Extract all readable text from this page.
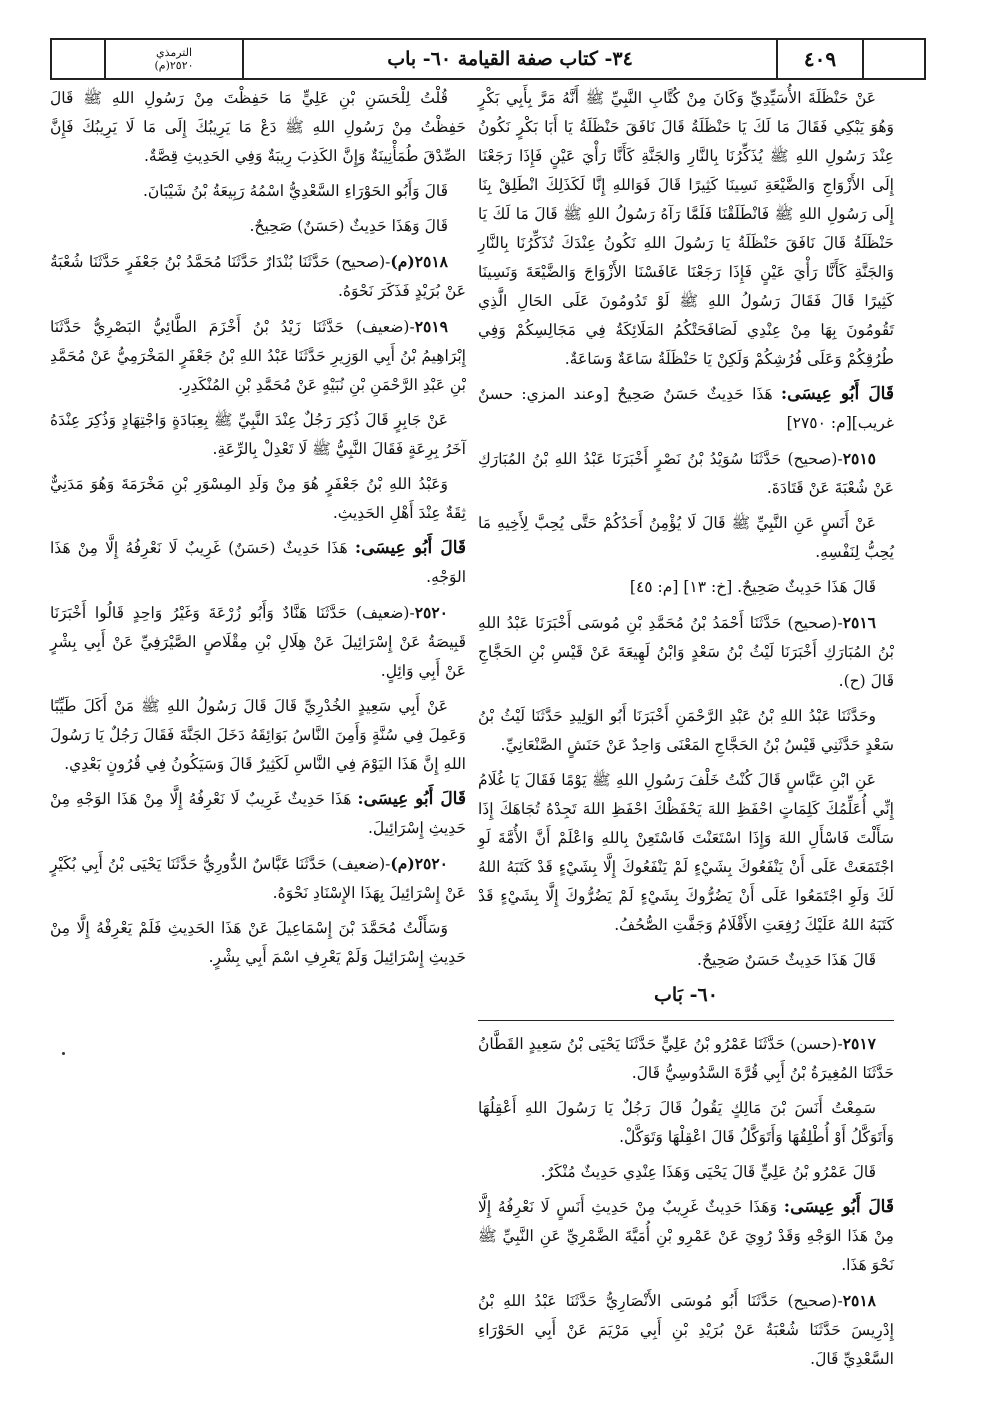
الترمذي
٢٥٢٠(م)	٣٤- كتاب صفة القيامة ٦٠- باب	٤٠٩

عَنْ حَنْظَلَةَ الأُسَيِّدِيِّ وَكَانَ مِنْ كُتَّابِ النَّبِيِّ ﷺ أَنَّهُ مَرَّ بِأَبِي بَكْرٍ وَهُوَ يَبْكِي فَقَالَ مَا لَكَ يَا حَنْظَلَةُ قَالَ نَافَقَ حَنْظَلَةُ يَا أَبَا بَكْرٍ نَكُونُ عِنْدَ رَسُولِ اللهِ ﷺ يُذَكِّرُنَا بِالنَّارِ وَالجَنَّةِ كَأَنَّا رَأْيَ عَيْنٍ فَإِذَا رَجَعْنَا إِلَى الأَزْوَاجِ وَالضَّيْعَةِ نَسِينَا كَثِيرًا قَالَ فَوَاللهِ إِنَّا لَكَذَلِكَ انْطَلِقْ بِنَا إِلَى رَسُولِ اللهِ ﷺ فَانْطَلَقْنَا فَلَمَّا رَآهُ رَسُولُ اللهِ ﷺ قَالَ مَا لَكَ يَا حَنْظَلَةُ قَالَ نَافَقَ حَنْظَلَةُ يَا رَسُولَ اللهِ نَكُونُ عِنْدَكَ تُذَكِّرُنَا بِالنَّارِ وَالجَنَّةِ كَأَنَّا رَأْيَ عَيْنٍ فَإِذَا رَجَعْنَا عَافَسْنَا الأَزْوَاجَ وَالضَّيْعَةَ وَنَسِينَا كَثِيرًا قَالَ فَقَالَ رَسُولُ اللهِ ﷺ لَوْ تَدُومُونَ عَلَى الحَالِ الَّذِي تَقُومُونَ بِهَا مِنْ عِنْدِي لَصَافَحَتْكُمُ المَلَائِكَةُ فِي مَجَالِسِكُمْ وَفِي طُرُقِكُمْ وَعَلَى فُرُشِكُمْ وَلَكِنْ يَا حَنْظَلَةُ سَاعَةٌ وَسَاعَةٌ.

قَالَ أَبُو عِيسَى: هَذَا حَدِيثٌ حَسَنٌ صَحِيحٌ [وعند المزي: حسنٌ غريب][م: ٢٧٥٠]

٢٥١٥-(صحيح) حَدَّثَنَا سُوَيْدُ بْنُ نَصْرٍ أَخْبَرَنَا عَبْدُ اللهِ بْنُ المُبَارَكِ عَنْ شُعْبَةَ عَنْ قَتَادَةَ.

عَنْ أَنَسٍ عَنِ النَّبِيِّ ﷺ قَالَ لَا يُؤْمِنُ أَحَدُكُمْ حَتَّى يُحِبَّ لِأَخِيهِ مَا يُحِبُّ لِنَفْسِهِ.

قَالَ هَذَا حَدِيثٌ صَحِيحٌ. [خ: ١٣] [م: ٤٥]

٢٥١٦-(صحيح) حَدَّثَنَا أَحْمَدُ بْنُ مُحَمَّدِ بْنِ مُوسَى أَخْبَرَنَا عَبْدُ اللهِ بْنُ المُبَارَكِ أَخْبَرَنَا لَيْثُ بْنُ سَعْدٍ وَابْنُ لَهِيعَةَ عَنْ قَيْسِ بْنِ الحَجَّاجِ قَالَ (ح).

وحَدَّثَنَا عَبْدُ اللهِ بْنُ عَبْدِ الرَّحْمَنِ أَخْبَرَنَا أَبُو الوَلِيدِ حَدَّثَنَا لَيْثُ بْنُ سَعْدٍ حَدَّثَنِي قَيْسُ بْنُ الحَجَّاجِ المَعْنَى وَاحِدٌ عَنْ حَنَشٍ الصَّنْعَانِيِّ.

عَنِ ابْنِ عَبَّاسٍ قَالَ كُنْتُ خَلْفَ رَسُولِ اللهِ ﷺ يَوْمًا فَقَالَ يَا غُلَامُ إِنِّي أُعَلِّمُكَ كَلِمَاتٍ احْفَظِ اللهَ يَحْفَظْكَ احْفَظِ اللهَ تَجِدْهُ تُجَاهَكَ إِذَا سَأَلْتَ فَاسْأَلِ اللهَ وَإِذَا اسْتَعَنْتَ فَاسْتَعِنْ بِاللهِ وَاعْلَمْ أَنَّ الأُمَّةَ لَوِ اجْتَمَعَتْ عَلَى أَنْ يَنْفَعُوكَ بِشَيْءٍ لَمْ يَنْفَعُوكَ إِلَّا بِشَيْءٍ قَدْ كَتَبَهُ اللهُ لَكَ وَلَوِ اجْتَمَعُوا عَلَى أَنْ يَضُرُّوكَ بِشَيْءٍ لَمْ يَضُرُّوكَ إِلَّا بِشَيْءٍ قَدْ كَتَبَهُ اللهُ عَلَيْكَ رُفِعَتِ الأَقْلَامُ وَجَفَّتِ الصُّحُفُ.

قَالَ هَذَا حَدِيثٌ حَسَنٌ صَحِيحٌ.

٦٠- بَاب

٢٥١٧-(حسن) حَدَّثَنَا عَمْرُو بْنُ عَلِيٍّ حَدَّثَنَا يَحْيَى بْنُ سَعِيدٍ القَطَّانُ حَدَّثَنَا المُغِيرَةُ بْنُ أَبِي قُرَّةَ السَّدُوسِيُّ قَالَ.

سَمِعْتُ أَنَسَ بْنَ مَالِكٍ يَقُولُ قَالَ رَجُلٌ يَا رَسُولَ اللهِ أَعْقِلُهَا وَأَتَوَكَّلُ أَوْ أُطْلِقُهَا وَأَتَوَكَّلُ قَالَ اعْقِلْهَا وَتَوَكَّلْ.

قَالَ عَمْرُو بْنُ عَلِيٍّ قَالَ يَحْيَى وَهَذَا عِنْدِي حَدِيثٌ مُنْكَرٌ.

قَالَ أَبُو عِيسَى: وَهَذَا حَدِيثٌ غَرِيبٌ مِنْ حَدِيثِ أَنَسٍ لَا نَعْرِفُهُ إِلَّا مِنْ هَذَا الوَجْهِ وَقَدْ رُوِيَ عَنْ عَمْرِو بْنِ أُمَيَّةَ الضَّمْرِيِّ عَنِ النَّبِيِّ ﷺ نَحْوَ هَذَا.

٢٥١٨-(صحيح) حَدَّثَنَا أَبُو مُوسَى الأَنْصَارِيُّ حَدَّثَنَا عَبْدُ اللهِ بْنُ إِدْرِيسَ حَدَّثَنَا شُعْبَةُ عَنْ بُرَيْدِ بْنِ أَبِي مَرْيَمَ عَنْ أَبِي الحَوْرَاءِ السَّعْدِيِّ قَالَ.

قُلْتُ لِلْحَسَنِ بْنِ عَلِيٍّ مَا حَفِظْتَ مِنْ رَسُولِ اللهِ ﷺ قَالَ حَفِظْتُ مِنْ رَسُولِ اللهِ ﷺ دَعْ مَا يَرِيبُكَ إِلَى مَا لَا يَرِيبُكَ فَإِنَّ الصِّدْقَ طُمَأْنِينَةٌ وَإِنَّ الكَذِبَ رِيبَةٌ وَفِي الحَدِيثِ قِصَّةٌ.

قَالَ وَأَبُو الحَوْرَاءِ السَّعْدِيُّ اسْمُهُ رَبِيعَةُ بْنُ شَيْبَانَ.

قَالَ وَهَذَا حَدِيثٌ (حَسَنٌ) صَحِيحٌ.

٢٥١٨(م)-(صحيح) حَدَّثَنَا بُنْدَارٌ حَدَّثَنَا مُحَمَّدُ بْنُ جَعْفَرٍ حَدَّثَنَا شُعْبَةُ عَنْ بُرَيْدٍ فَذَكَرَ نَحْوَهُ.

٢٥١٩-(ضعيف) حَدَّثَنَا زَيْدُ بْنُ أَخْزَمَ الطَّائِيُّ البَصْرِيُّ حَدَّثَنَا إِبْرَاهِيمُ بْنُ أَبِي الوَزِيرِ حَدَّثَنَا عَبْدُ اللهِ بْنُ جَعْفَرٍ المَخْرَمِيُّ عَنْ مُحَمَّدِ بْنِ عَبْدِ الرَّحْمَنِ بْنِ نُبَيْهٍ عَنْ مُحَمَّدِ بْنِ المُنْكَدِرِ.

عَنْ جَابِرٍ قَالَ ذُكِرَ رَجُلٌ عِنْدَ النَّبِيِّ ﷺ بِعِبَادَةٍ وَاجْتِهَادٍ وَذُكِرَ عِنْدَهُ آخَرُ بِرِعَةٍ فَقَالَ النَّبِيُّ ﷺ لَا تَعْدِلْ بِالرِّعَةِ.

وَعَبْدُ اللهِ بْنُ جَعْفَرٍ هُوَ مِنْ وَلَدِ المِسْوَرِ بْنِ مَخْرَمَةَ وَهُوَ مَدَنِيٌّ ثِقَةٌ عِنْدَ أَهْلِ الحَدِيثِ.

قَالَ أَبُو عِيسَى: هَذَا حَدِيثٌ (حَسَنٌ) غَرِيبٌ لَا نَعْرِفُهُ إِلَّا مِنْ هَذَا الوَجْهِ.

٢٥٢٠-(ضعيف) حَدَّثَنَا هَنَّادٌ وَأَبُو زُرْعَةَ وَغَيْرُ وَاحِدٍ قَالُوا أَخْبَرَنَا قَبِيصَةُ عَنْ إِسْرَائِيلَ عَنْ هِلَالِ بْنِ مِقْلَاصٍ الصَّيْرَفِيِّ عَنْ أَبِي بِشْرٍ عَنْ أَبِي وَائِلٍ.

عَنْ أَبِي سَعِيدٍ الخُدْرِيِّ قَالَ قَالَ رَسُولُ اللهِ ﷺ مَنْ أَكَلَ طَيِّبًا وَعَمِلَ فِي سُنَّةٍ وَأَمِنَ النَّاسُ بَوَائِقَهُ دَخَلَ الجَنَّةَ فَقَالَ رَجُلٌ يَا رَسُولَ اللهِ إِنَّ هَذَا اليَوْمَ فِي النَّاسِ لَكَثِيرٌ قَالَ وَسَيَكُونُ فِي قُرُونٍ بَعْدِي.

قَالَ أَبُو عِيسَى: هَذَا حَدِيثٌ غَرِيبٌ لَا نَعْرِفُهُ إِلَّا مِنْ هَذَا الوَجْهِ مِنْ حَدِيثِ إِسْرَائِيلَ.

٢٥٢٠(م)-(ضعيف) حَدَّثَنَا عَبَّاسٌ الدُّورِيُّ حَدَّثَنَا يَحْيَى بْنُ أَبِي بُكَيْرٍ عَنْ إِسْرَائِيلَ بِهَذَا الإِسْنَادِ نَحْوَهُ.

وَسَأَلْتُ مُحَمَّدَ بْنَ إِسْمَاعِيلَ عَنْ هَذَا الحَدِيثِ فَلَمْ يَعْرِفْهُ إِلَّا مِنْ حَدِيثِ إِسْرَائِيلَ وَلَمْ يَعْرِفِ اسْمَ أَبِي بِشْرٍ.
